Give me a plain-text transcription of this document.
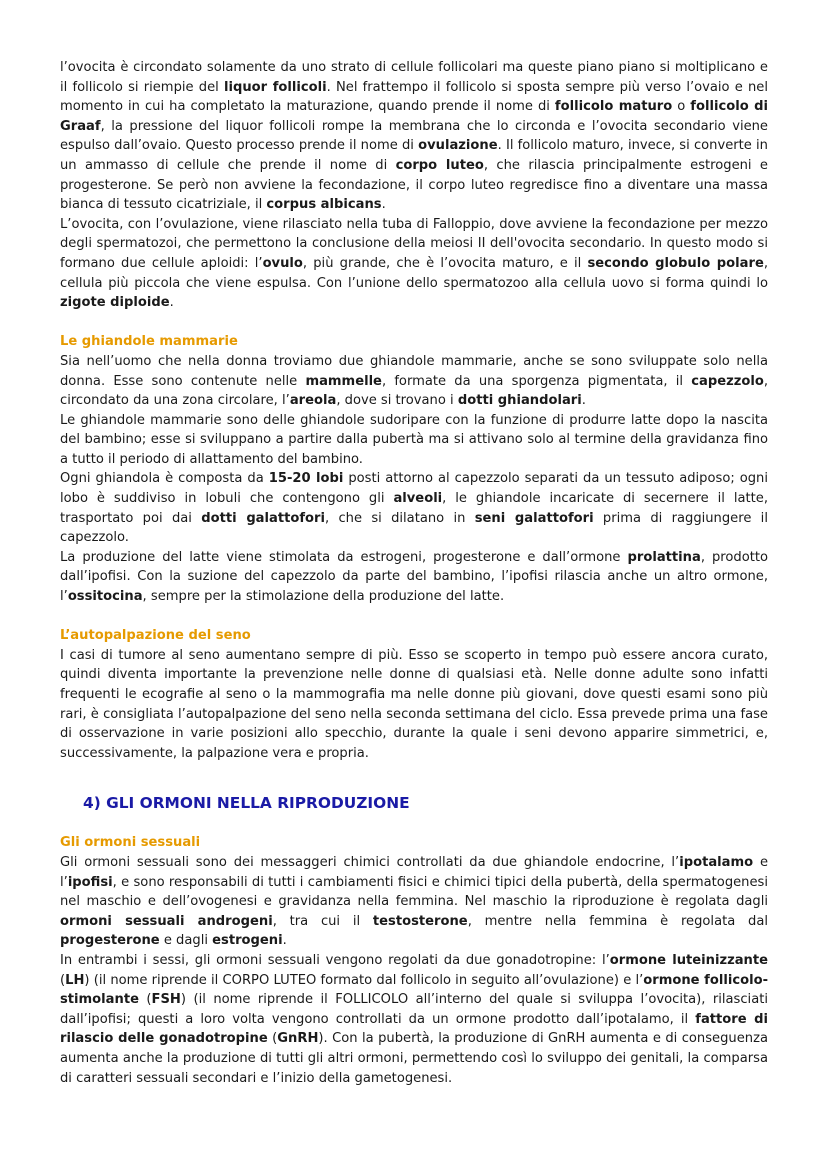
l’ovocita è circondato solamente da uno strato di cellule follicolari ma queste piano piano si moltiplicano e il follicolo si riempie del liquor follicoli. Nel frattempo il follicolo si sposta sempre più verso l’ovaio e nel momento in cui ha completato la maturazione, quando prende il nome di follicolo maturo o follicolo di Graaf, la pressione del liquor follicoli rompe la membrana che lo circonda e l’ovocita secondario viene espulso dall’ovaio. Questo processo prende il nome di ovulazione. Il follicolo maturo, invece, si converte in un ammasso di cellule che prende il nome di corpo luteo, che rilascia principalmente estrogeni e progesterone. Se però non avviene la fecondazione, il corpo luteo regredisce fino a diventare una massa bianca di tessuto cicatriziale, il corpus albicans.

L’ovocita, con l’ovulazione, viene rilasciato nella tuba di Falloppio, dove avviene la fecondazione per mezzo degli spermatozoi, che permettono la conclusione della meiosi II dell'ovocita secondario. In questo modo si formano due cellule aploidi: l’ovulo, più grande, che è l’ovocita maturo, e il secondo globulo polare, cellula più piccola che viene espulsa. Con l’unione dello spermatozoo alla cellula uovo si forma quindi lo zigote diploide.

Le ghiandole mammarie

Sia nell’uomo che nella donna troviamo due ghiandole mammarie, anche se sono sviluppate solo nella donna. Esse sono contenute nelle mammelle, formate da una sporgenza pigmentata, il capezzolo, circondato da una zona circolare, l’areola, dove si trovano i dotti ghiandolari.

Le ghiandole mammarie sono delle ghiandole sudoripare con la funzione di produrre latte dopo la nascita del bambino; esse si sviluppano a partire dalla pubertà ma si attivano solo al termine della gravidanza fino a tutto il periodo di allattamento del bambino.

Ogni ghiandola è composta da 15-20 lobi posti attorno al capezzolo separati da un tessuto adiposo; ogni lobo è suddiviso in lobuli che contengono gli alveoli, le ghiandole incaricate di secernere il latte, trasportato poi dai dotti galattofori, che si dilatano in seni galattofori prima di raggiungere il capezzolo.

La produzione del latte viene stimolata da estrogeni, progesterone e dall’ormone prolattina, prodotto dall’ipofisi. Con la suzione del capezzolo da parte del bambino, l’ipofisi rilascia anche un altro ormone, l’ossitocina, sempre per la stimolazione della produzione del latte.

L’autopalpazione del seno

I casi di tumore al seno aumentano sempre di più. Esso se scoperto in tempo può essere ancora curato, quindi diventa importante la prevenzione nelle donne di qualsiasi età. Nelle donne adulte sono infatti frequenti le ecografie al seno o la mammografia ma nelle donne più giovani, dove questi esami sono più rari, è consigliata l’autopalpazione del seno nella seconda settimana del ciclo. Essa prevede prima una fase di osservazione in varie posizioni allo specchio, durante la quale i seni devono apparire simmetrici, e, successivamente, la palpazione vera e propria.

4) GLI ORMONI NELLA RIPRODUZIONE
Gli ormoni sessuali

Gli ormoni sessuali sono dei messaggeri chimici controllati da due ghiandole endocrine, l’ipotalamo e l’ipofisi, e sono responsabili di tutti i cambiamenti fisici e chimici tipici della pubertà, della spermatogenesi nel maschio e dell’ovogenesi e gravidanza nella femmina. Nel maschio la riproduzione è regolata dagli ormoni sessuali androgeni, tra cui il testosterone, mentre nella femmina è regolata dal progesterone e dagli estrogeni.

In entrambi i sessi, gli ormoni sessuali vengono regolati da due gonadotropine: l’ormone luteinizzante (LH) (il nome riprende il CORPO LUTEO formato dal follicolo in seguito all’ovulazione) e l’ormone follicolo-stimolante (FSH) (il nome riprende il FOLLICOLO all’interno del quale si sviluppa l’ovocita), rilasciati dall’ipofisi; questi a loro volta vengono controllati da un ormone prodotto dall’ipotalamo, il fattore di rilascio delle gonadotropine (GnRH). Con la pubertà, la produzione di GnRH aumenta e di conseguenza aumenta anche la produzione di tutti gli altri ormoni, permettendo così lo sviluppo dei genitali, la comparsa di caratteri sessuali secondari e l’inizio della gametogenesi.
